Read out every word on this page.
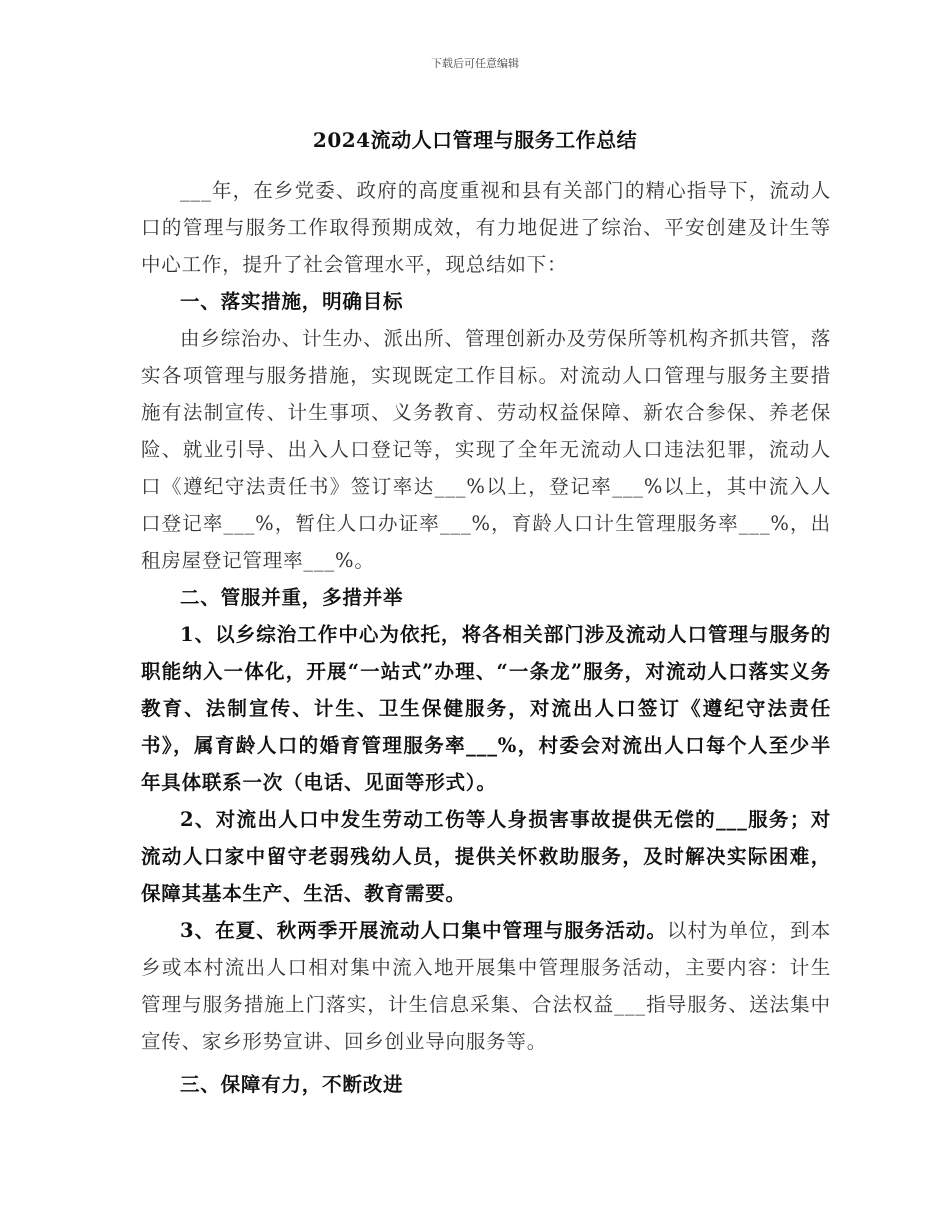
下载后可任意编辑
2024流动人口管理与服务工作总结

___年，在乡党委、政府的高度重视和县有关部门的精心指导下，流动人口的管理与服务工作取得预期成效，有力地促进了综治、平安创建及计生等中心工作，提升了社会管理水平，现总结如下：

一、落实措施，明确目标

由乡综治办、计生办、派出所、管理创新办及劳保所等机构齐抓共管，落实各项管理与服务措施，实现既定工作目标。对流动人口管理与服务主要措施有法制宣传、计生事项、义务教育、劳动权益保障、新农合参保、养老保险、就业引导、出入人口登记等，实现了全年无流动人口违法犯罪，流动人口《遵纪守法责任书》签订率达___%以上，登记率___%以上，其中流入人口登记率___%，暂住人口办证率___%，育龄人口计生管理服务率___%，出租房屋登记管理率___%。

二、管服并重，多措并举

1、以乡综治工作中心为依托，将各相关部门涉及流动人口管理与服务的职能纳入一体化，开展“一站式”办理、“一条龙”服务，对流动人口落实义务教育、法制宣传、计生、卫生保健服务，对流出人口签订《遵纪守法责任书》，属育龄人口的婚育管理服务率___%，村委会对流出人口每个人至少半年具体联系一次（电话、见面等形式）。

2、对流出人口中发生劳动工伤等人身损害事故提供无偿的___服务；对流动人口家中留守老弱残幼人员，提供关怀救助服务，及时解决实际困难，保障其基本生产、生活、教育需要。

3、在夏、秋两季开展流动人口集中管理与服务活动。以村为单位，到本乡或本村流出人口相对集中流入地开展集中管理服务活动，主要内容：计生管理与服务措施上门落实，计生信息采集、合法权益___指导服务、送法集中宣传、家乡形势宣讲、回乡创业导向服务等。

三、保障有力，不断改进
